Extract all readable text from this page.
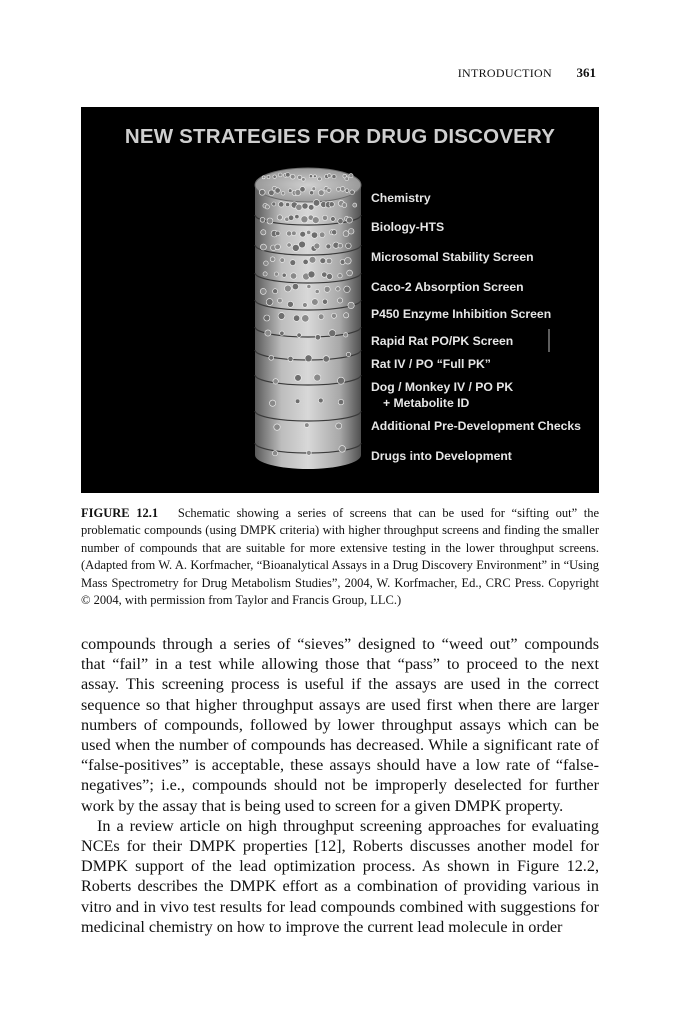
INTRODUCTION 361
NEW STRATEGIES FOR DRUG DISCOVERY
Chemistry
Biology-HTS
Microsomal Stability Screen
Caco-2 Absorption Screen
P450 Enzyme Inhibition Screen
Rapid Rat PO/PK Screen
Rat IV / PO “Full PK”
Dog / Monkey IV / PO PK
+ Metabolite ID
Additional Pre-Development Checks
Drugs into Development
FIGURE 12.1 Schematic showing a series of screens that can be used for “sifting out” the problematic compounds (using DMPK criteria) with higher throughput screens and finding the smaller number of compounds that are suitable for more extensive testing in the lower throughput screens. (Adapted from W. A. Korfmacher, “Bioanalytical Assays in a Drug Discovery Environment” in “Using Mass Spectrometry for Drug Metabolism Studies”, 2004, W. Korfmacher, Ed., CRC Press. Copyright © 2004, with permission from Taylor and Francis Group, LLC.)

compounds through a series of “sieves” designed to “weed out” compounds that “fail” in a test while allowing those that “pass” to proceed to the next assay. This screening process is useful if the assays are used in the correct sequence so that higher throughput assays are used first when there are larger numbers of compounds, followed by lower throughput assays which can be used when the number of compounds has decreased. While a significant rate of “false-positives” is acceptable, these assays should have a low rate of “false-negatives”; i.e., compounds should not be improperly deselected for further work by the assay that is being used to screen for a given DMPK property.

In a review article on high throughput screening approaches for evaluating NCEs for their DMPK properties [12], Roberts discusses another model for DMPK support of the lead optimization process. As shown in Figure 12.2, Roberts describes the DMPK effort as a combination of providing various in vitro and in vivo test results for lead compounds combined with suggestions for medicinal chemistry on how to improve the current lead molecule in order
